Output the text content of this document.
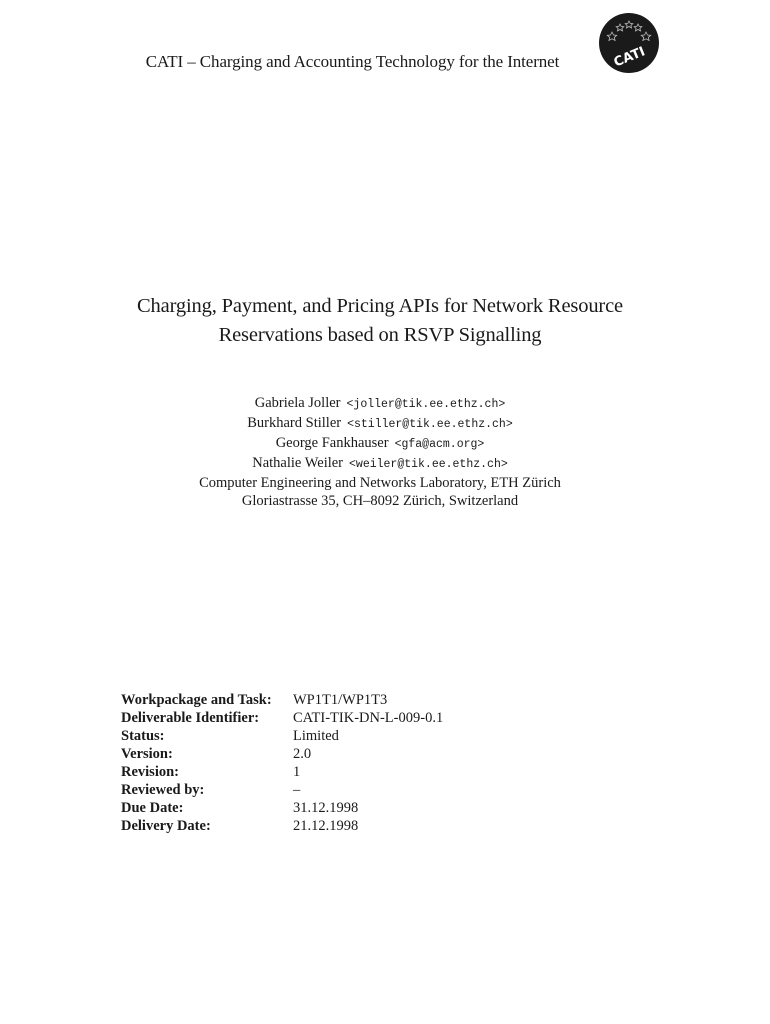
CATI – Charging and Accounting Technology for the Internet	CATI
Charging, Payment, and Pricing APIs for Network Resource
Reservations based on RSVP Signalling
Gabriela Joller <joller@tik.ee.ethz.ch>
Burkhard Stiller <stiller@tik.ee.ethz.ch>
George Fankhauser <gfa@acm.org>
Nathalie Weiler <weiler@tik.ee.ethz.ch>
Computer Engineering and Networks Laboratory, ETH Zürich
Gloriastrasse 35, CH–8092 Zürich, Switzerland
Workpackage and Task:	WP1T1/WP1T3
Deliverable Identifier:	CATI-TIK-DN-L-009-0.1
Status:	Limited
Version:	2.0
Revision:	1
Reviewed by:	–
Due Date:	31.12.1998
Delivery Date:	21.12.1998
